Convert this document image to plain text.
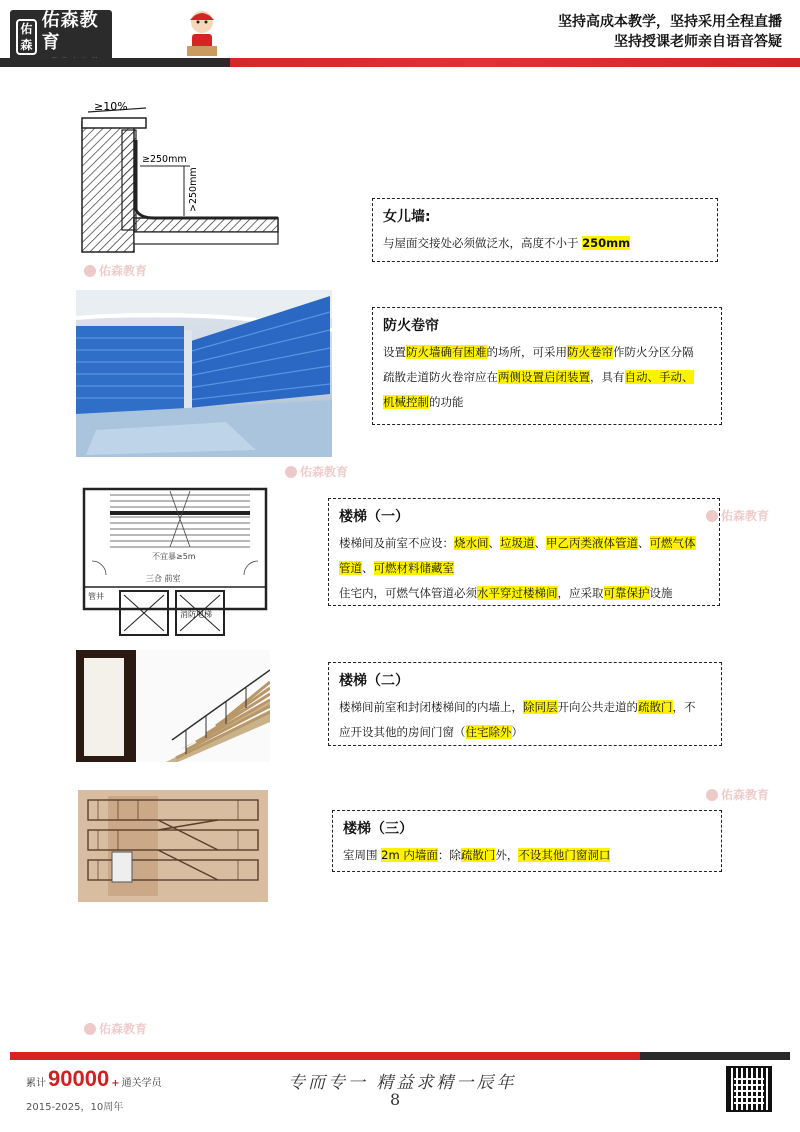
佑森
佑森教育
坚持高成本教学，坚持采用全程直播
坚持授课老师亲自语音答疑
佑森教育
佑森教育
佑森教育
佑森教育
佑森教育
≥10%
≥250mm
>250mm
不宜暴≥5m
三合 前室
管井
消防电梯
女儿墙:
与屋面交接处必须做泛水，高度不小于 250mm
防火卷帘
设置防火墙确有困难的场所，可采用防火卷帘作防火分区分隔
疏散走道防火卷帘应在两侧设置启闭装置，具有自动、手动、
机械控制的功能
楼梯（一）
楼梯间及前室不应设：烧水间、垃圾道、甲乙丙类液体管道、可燃气体
管道、可燃材料储藏室
住宅内，可燃气体管道必须水平穿过楼梯间，应采取可靠保护设施
楼梯（二）
楼梯间前室和封闭楼梯间的内墙上，除同层开向公共走道的疏散门，不
应开设其他的房间门窗（住宅除外）
楼梯（三）
室周围 2m 内墙面：除疏散门外，不设其他门窗洞口
累计 90000 + 通关学员
2015-2025，10周年
专而专一 精益求精一辰年
8
